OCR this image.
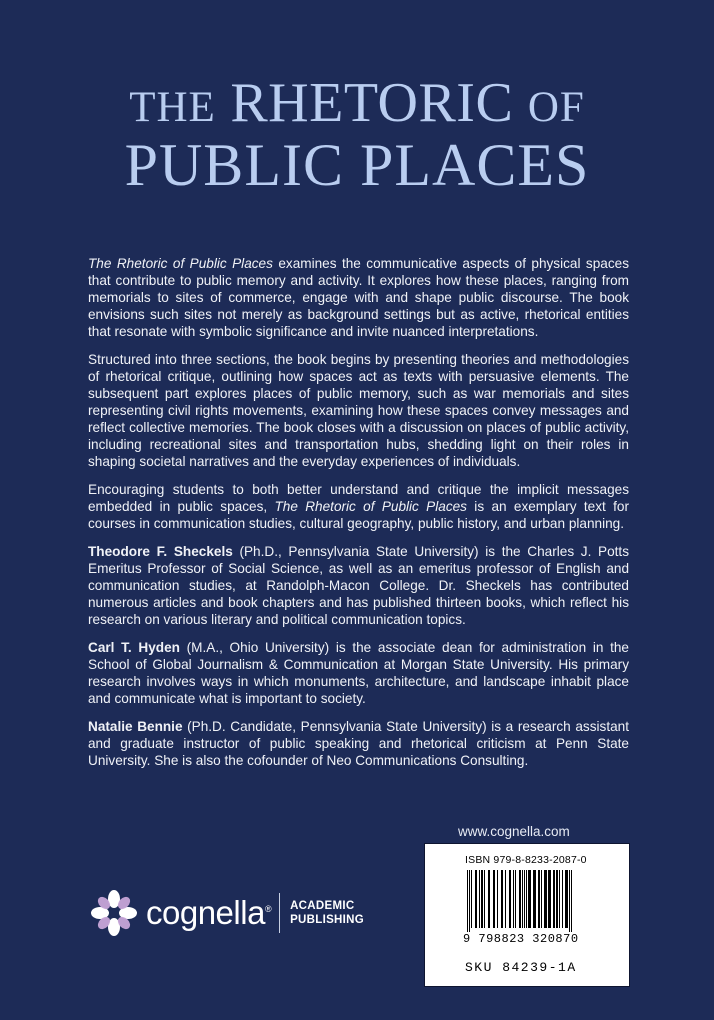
THE RHETORIC OF
PUBLIC PLACES

The Rhetoric of Public Places examines the communicative aspects of physical spaces that contribute to public memory and activity. It explores how these places, ranging from memorials to sites of commerce, engage with and shape public discourse. The book envisions such sites not merely as background settings but as active, rhetorical entities that resonate with symbolic significance and invite nuanced interpretations.

Structured into three sections, the book begins by presenting theories and methodologies of rhetorical critique, outlining how spaces act as texts with persuasive elements. The subsequent part explores places of public memory, such as war memorials and sites representing civil rights movements, examining how these spaces convey messages and reflect collective memories. The book closes with a discussion on places of public activity, including recreational sites and transportation hubs, shedding light on their roles in shaping societal narratives and the everyday experiences of individuals.

Encouraging students to both better understand and critique the implicit messages embedded in public spaces, The Rhetoric of Public Places is an exemplary text for courses in communication studies, cultural geography, public history, and urban planning.

Theodore F. Sheckels (Ph.D., Pennsylvania State University) is the Charles J. Potts Emeritus Professor of Social Science, as well as an emeritus professor of English and communication studies, at Randolph-Macon College. Dr. Sheckels has contributed numerous articles and book chapters and has published thirteen books, which reflect his research on various literary and political communication topics.

Carl T. Hyden (M.A., Ohio University) is the associate dean for administration in the School of Global Journalism & Communication at Morgan State University. His primary research involves ways in which monuments, architecture, and landscape inhabit place and communicate what is important to society.

Natalie Bennie (Ph.D. Candidate, Pennsylvania State University) is a research assistant and graduate instructor of public speaking and rhetorical criticism at Penn State University. She is also the cofounder of Neo Communications Consulting.

www.cognella.com
ISBN 979-8-8233-2087-0
9 798823 320870
SKU 84239-1A
cognella® ACADEMIC
PUBLISHING
